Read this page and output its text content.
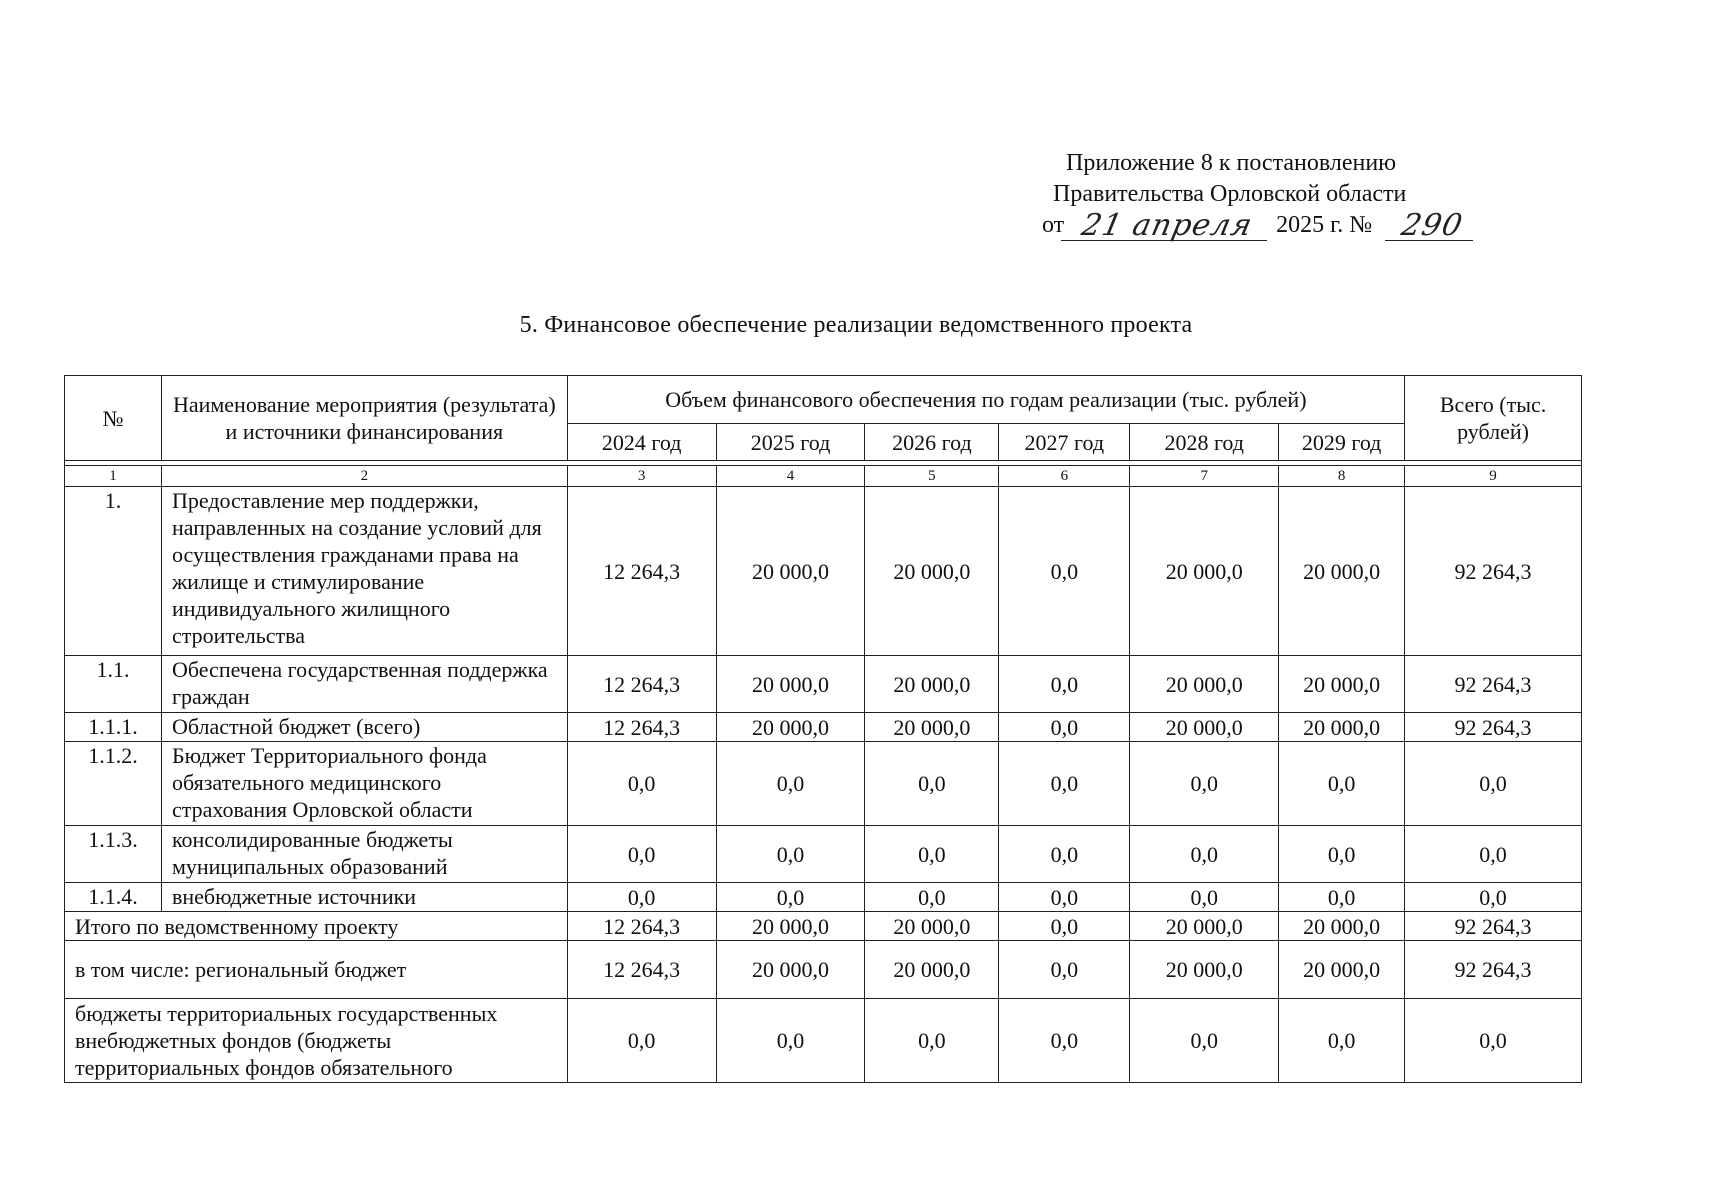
Приложение 8 к постановлению
Правительства Орловской области
от 21 апреля 2025 г. № 290
5. Финансовое обеспечение реализации ведомственного проекта
№	Наименование мероприятия (результата) и источники финансирования	Объем финансового обеспечения по годам реализации (тыс. рублей)						Всего (тыс. рублей)
		2024 год	2025 год	2026 год	2027 год	2028 год	2029 год	

1	2	3	4	5	6	7	8	9
1.	Предоставление мер поддержки, направленных на создание условий для осуществления гражданами права на жилище и стимулирование индивидуального жилищного строительства	12 264,3	20 000,0	20 000,0	0,0	20 000,0	20 000,0	92 264,3
1.1.	Обеспечена государственная поддержка граждан	12 264,3	20 000,0	20 000,0	0,0	20 000,0	20 000,0	92 264,3
1.1.1.	Областной бюджет (всего)	12 264,3	20 000,0	20 000,0	0,0	20 000,0	20 000,0	92 264,3
1.1.2.	Бюджет Территориального фонда обязательного медицинского страхования Орловской области	0,0	0,0	0,0	0,0	0,0	0,0	0,0
1.1.3.	консолидированные бюджеты муниципальных образований	0,0	0,0	0,0	0,0	0,0	0,0	0,0
1.1.4.	внебюджетные источники	0,0	0,0	0,0	0,0	0,0	0,0	0,0
Итого по ведомственному проекту		12 264,3	20 000,0	20 000,0	0,0	20 000,0	20 000,0	92 264,3
в том числе: региональный бюджет		12 264,3	20 000,0	20 000,0	0,0	20 000,0	20 000,0	92 264,3
бюджеты территориальных государственных внебюджетных фондов (бюджеты территориальных фондов обязательного		0,0	0,0	0,0	0,0	0,0	0,0	0,0
